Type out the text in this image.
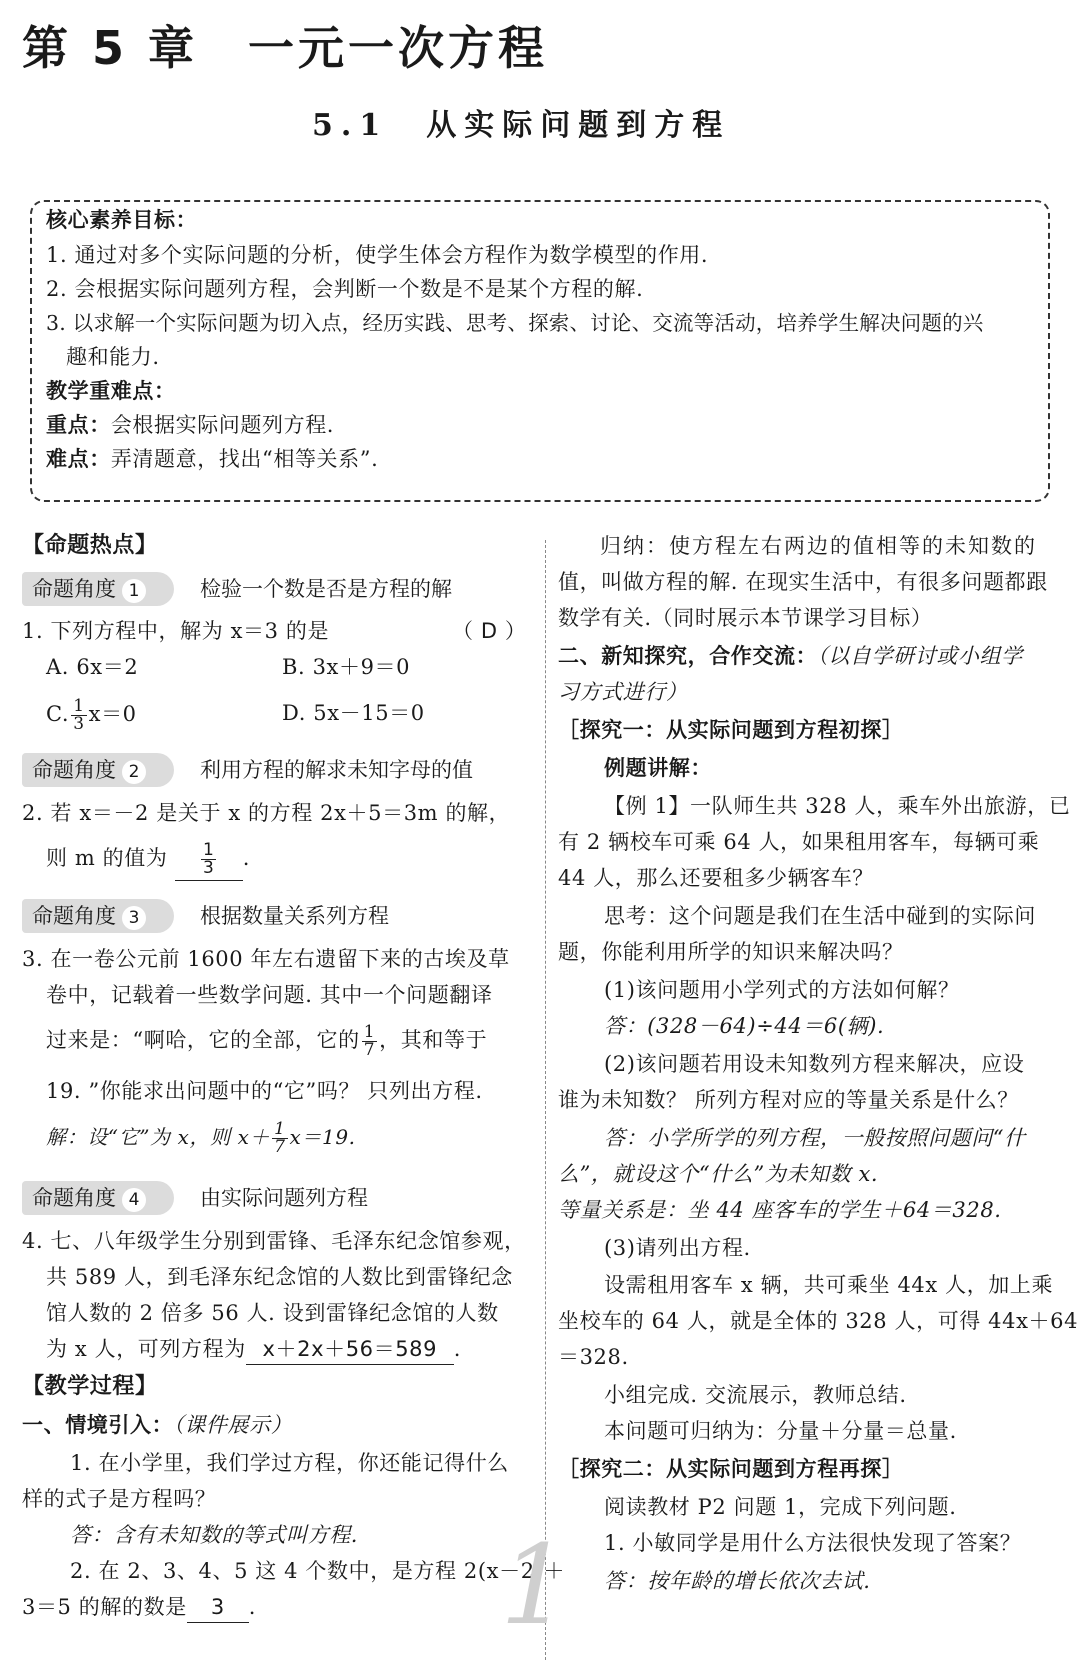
第 5 章　一元一次方程
5.1　从实际问题到方程
核心素养目标：
1. 通过对多个实际问题的分析，使学生体会方程作为数学模型的作用.
2. 会根据实际问题列方程，会判断一个数是不是某个方程的解.
3. 以求解一个实际问题为切入点，经历实践、思考、探索、讨论、交流等活动，培养学生解决问题的兴
趣和能力.
教学重难点：
重点：会根据实际问题列方程.
难点：弄清题意，找出“相等关系”.
【命题热点】
命题角度 1	检验一个数是否是方程的解
1. 下列方程中，解为 x＝3 的是	（ D ）
A. 6x＝2	B. 3x＋9＝0
C. $\frac{1}{3} x=0$	D. 5x－15＝0
命题角度 2	利用方程的解求未知字母的值
2. 若 x＝－2 是关于 x 的方程 2x＋5＝3m 的解，
则 m 的值为 $\frac{1}{3}$ .
命题角度 3	根据数量关系列方程
3. 在一卷公元前 1600 年左右遗留下来的古埃及草
卷中，记载着一些数学问题. 其中一个问题翻译
过来是：“啊哈，它的全部，它的 $\frac{1}{7}$ ，其和等于
19. ”你能求出问题中的“它”吗？ 只列出方程.
解：设“它”为 x，则 $x+ \frac{1}{7} x=19$.
命题角度 4	由实际问题列方程
4. 七、八年级学生分别到雷锋、毛泽东纪念馆参观，
共 589 人，到毛泽东纪念馆的人数比到雷锋纪念
馆人数的 2 倍多 56 人. 设到雷锋纪念馆的人数
为 x 人，可列方程为 x＋2x＋56＝589 .
【教学过程】
一、情境引入：（课件展示）
1. 在小学里，我们学过方程，你还能记得什么
样的式子是方程吗？
答：含有未知数的等式叫方程.
2. 在 2、3、4、5 这 4 个数中，是方程 2(x－2)＋
3＝5 的解的数是 3 . 1
归纳：使方程左右两边的值相等的未知数的
值，叫做方程的解. 在现实生活中，有很多问题都跟
数学有关.（同时展示本节课学习目标）
二、新知探究，合作交流：（以自学研讨或小组学
习方式进行）
［探究一：从实际问题到方程初探］
例题讲解：
【例 1】一队师生共 328 人，乘车外出旅游，已
有 2 辆校车可乘 64 人，如果租用客车，每辆可乘
44 人，那么还要租多少辆客车？
思考：这个问题是我们在生活中碰到的实际问
题，你能利用所学的知识来解决吗？
(1)该问题用小学列式的方法如何解？
答：(328－64)÷44＝6(辆).
(2)该问题若用设未知数列方程来解决，应设
谁为未知数？ 所列方程对应的等量关系是什么？
答：小学所学的列方程，一般按照问题问“什
么”，就设这个“什么”为未知数 x.
等量关系是：坐 44 座客车的学生＋64＝328.
(3)请列出方程.
设需租用客车 x 辆，共可乘坐 44x 人，加上乘
坐校车的 64 人，就是全体的 328 人，可得 44x＋64
＝328.
小组完成. 交流展示，教师总结.
本问题可归纳为：分量＋分量＝总量.
［探究二：从实际问题到方程再探］
阅读教材 P2 问题 1，完成下列问题.
1. 小敏同学是用什么方法很快发现了答案？
答：按年龄的增长依次去试.
